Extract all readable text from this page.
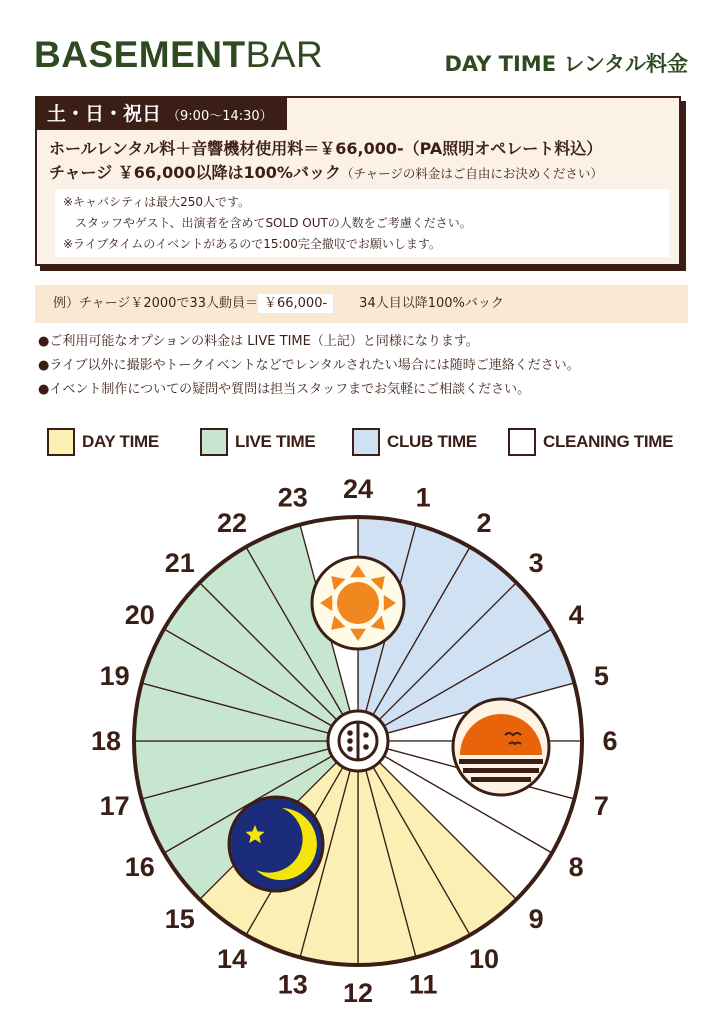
BASEMENTBAR	DAY TIME レンタル料金
土・日・祝日 （9:00～14:30）
ホールレンタル料＋音響機材使用料＝￥66,000‐（PA照明オペレート料込）
チャージ ￥66,000以降は100%バック（チャージの料金はご自由にお決めください）
※キャパシティは最大250人です。
　スタッフやゲスト、出演者を含めてSOLD OUTの人数をご考慮ください。
※ライブタイムのイベントがあるので15:00完全撤収でお願いします。
例）チャージ￥2000で33人動員＝ ￥66,000- 34人目以降100%バック
●ご利用可能なオプションの料金は LIVE TIME（上記）と同様になります。
●ライブ以外に撮影やトークイベントなどでレンタルされたい場合には随時ご連絡ください。
●イベント制作についての疑問や質問は担当スタッフまでお気軽にご相談ください。
DAY TIME	LIVE TIME	CLUB TIME	CLEANING TIME
1
2
3
4
5
6
7
8
9
10
11
12
13
14
15
16
17
18
19
20
21
22
23 24
